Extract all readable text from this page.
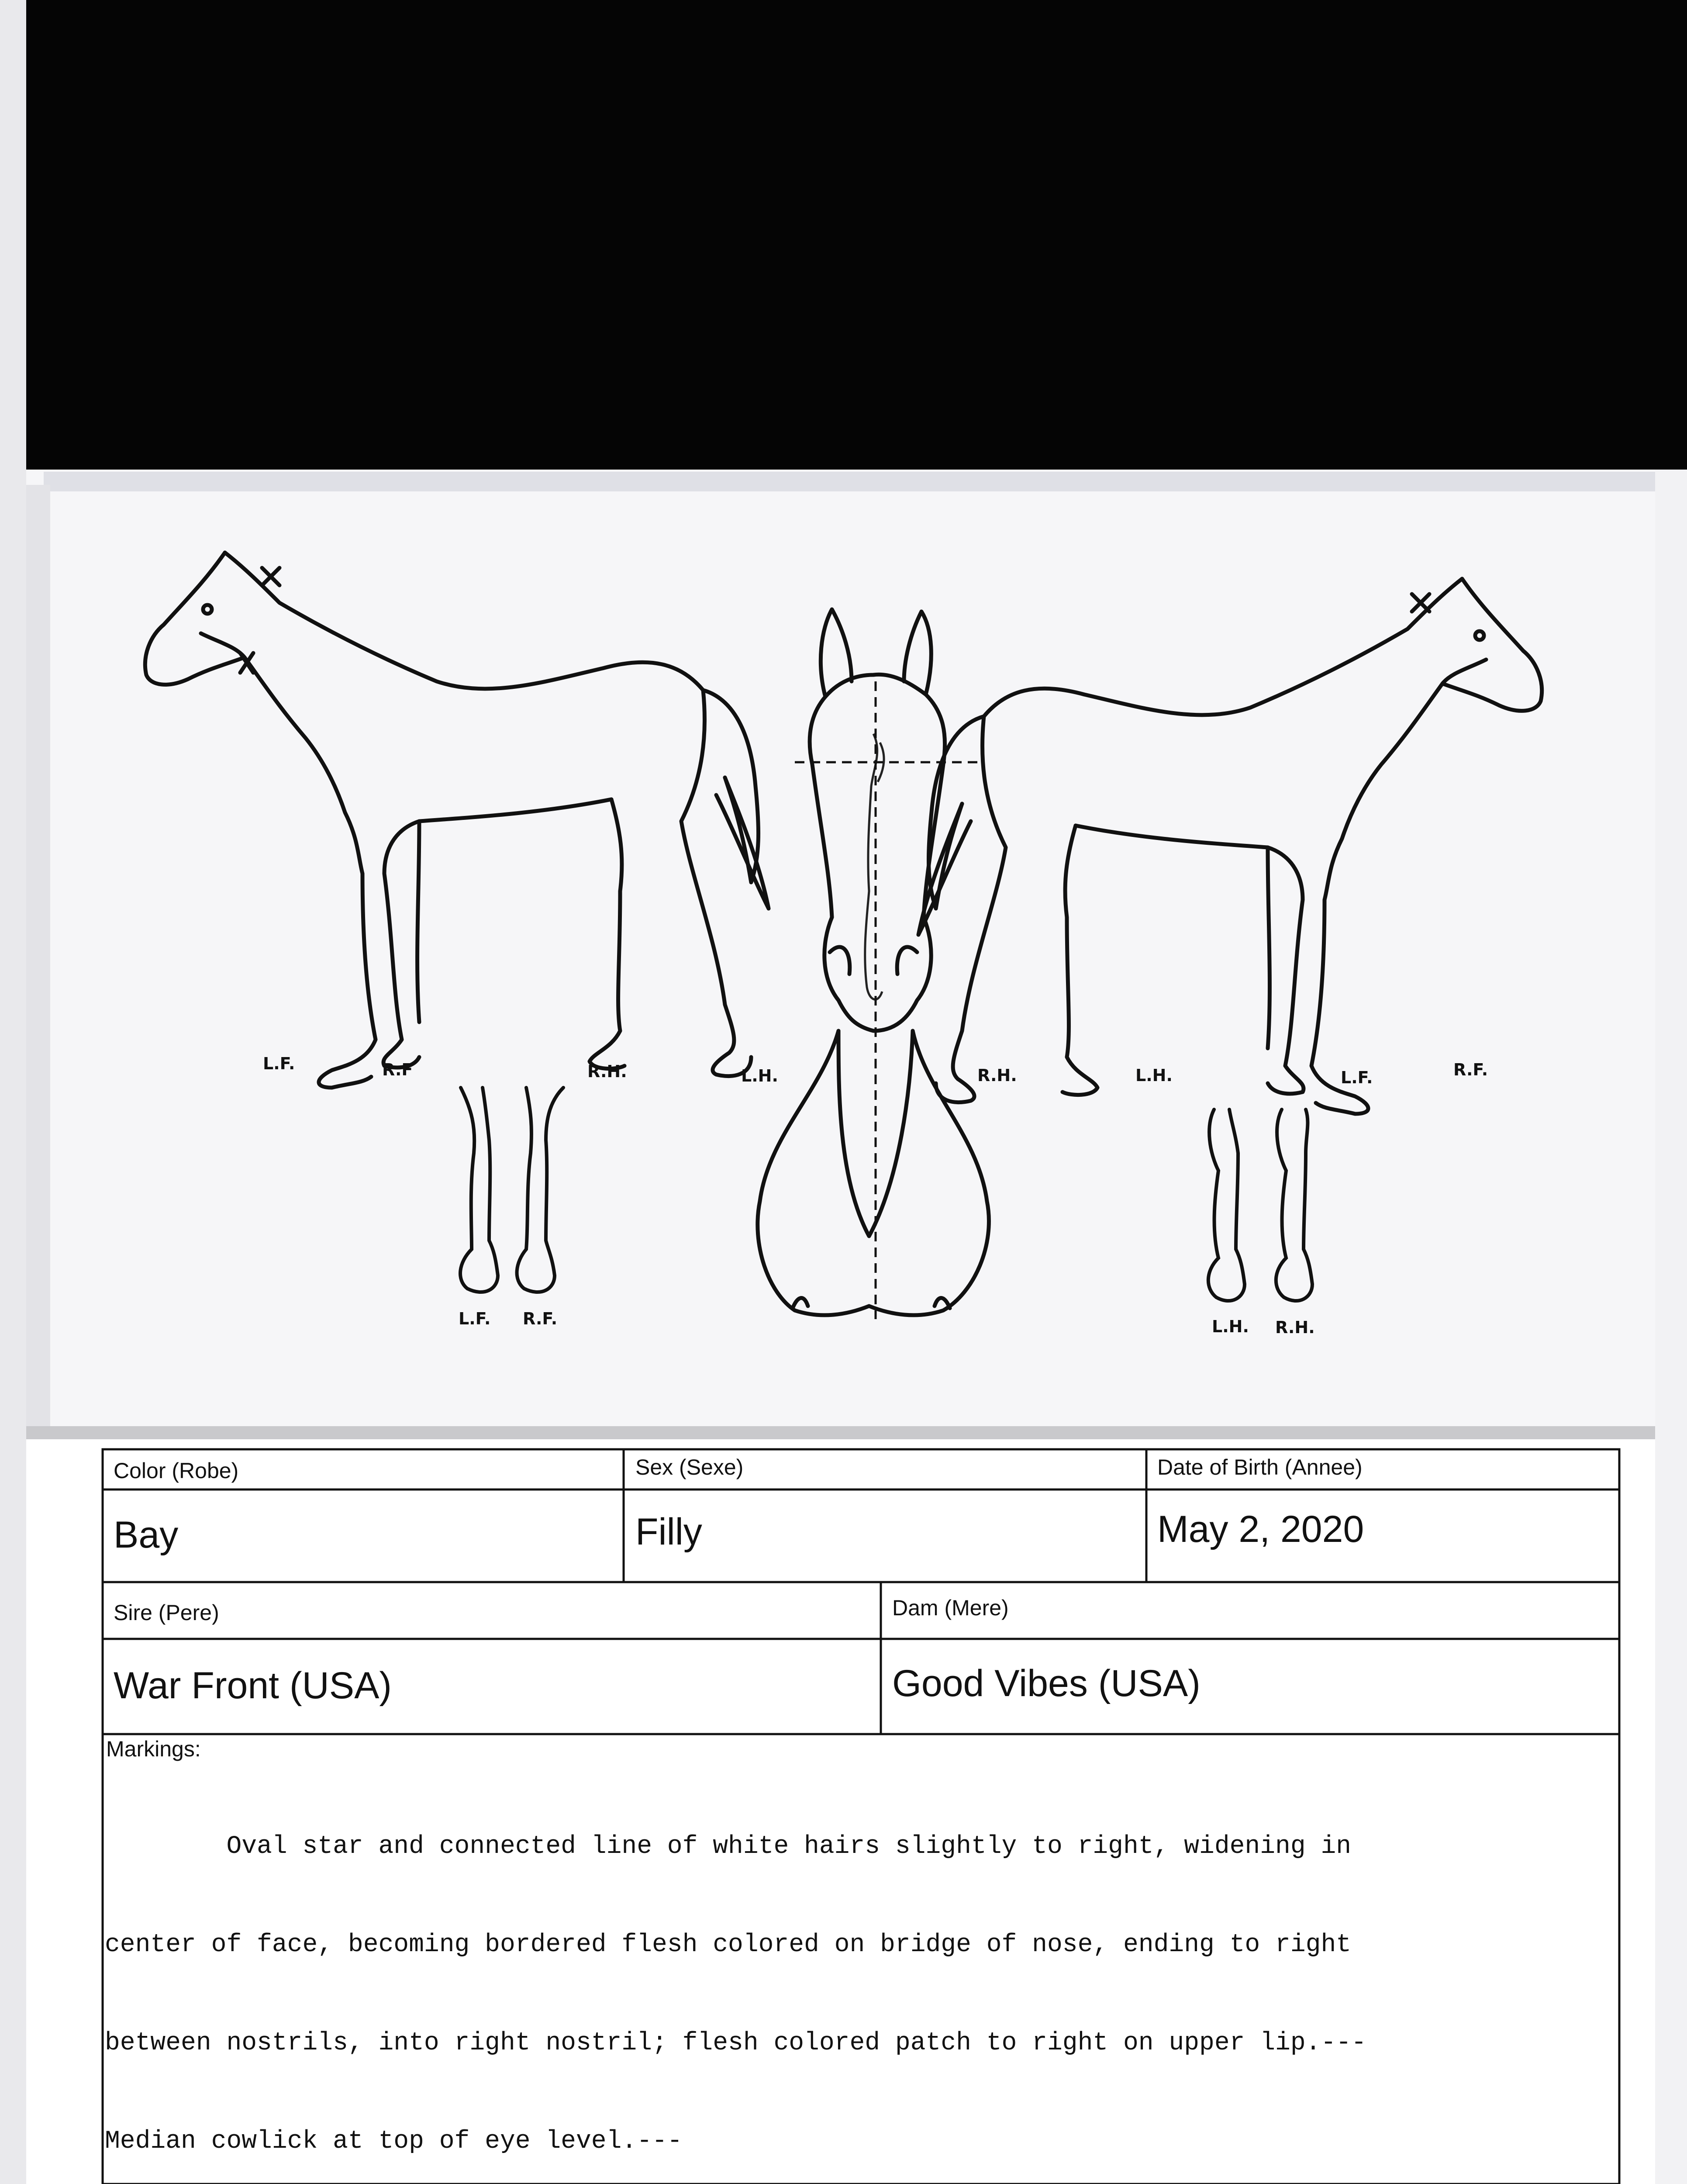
L.F.	R.F	R.H.	L.H.	R.H.	L.H.	L.F.	R.F.
L.F. R.F.	L.H. R.H.
Color (Robe)
Bay
Sex (Sexe)
Filly
Date of Birth (Annee)
May 2, 2020
Sire (Pere)
War Front (USA)
Dam (Mere)
Good Vibes (USA)
Markings:

Oval star and connected line of white hairs slightly to right, widening in

center of face, becoming bordered flesh colored on bridge of nose, ending to right

between nostrils, into right nostril; flesh colored patch to right on upper lip.---

Median cowlick at top of eye level.---
